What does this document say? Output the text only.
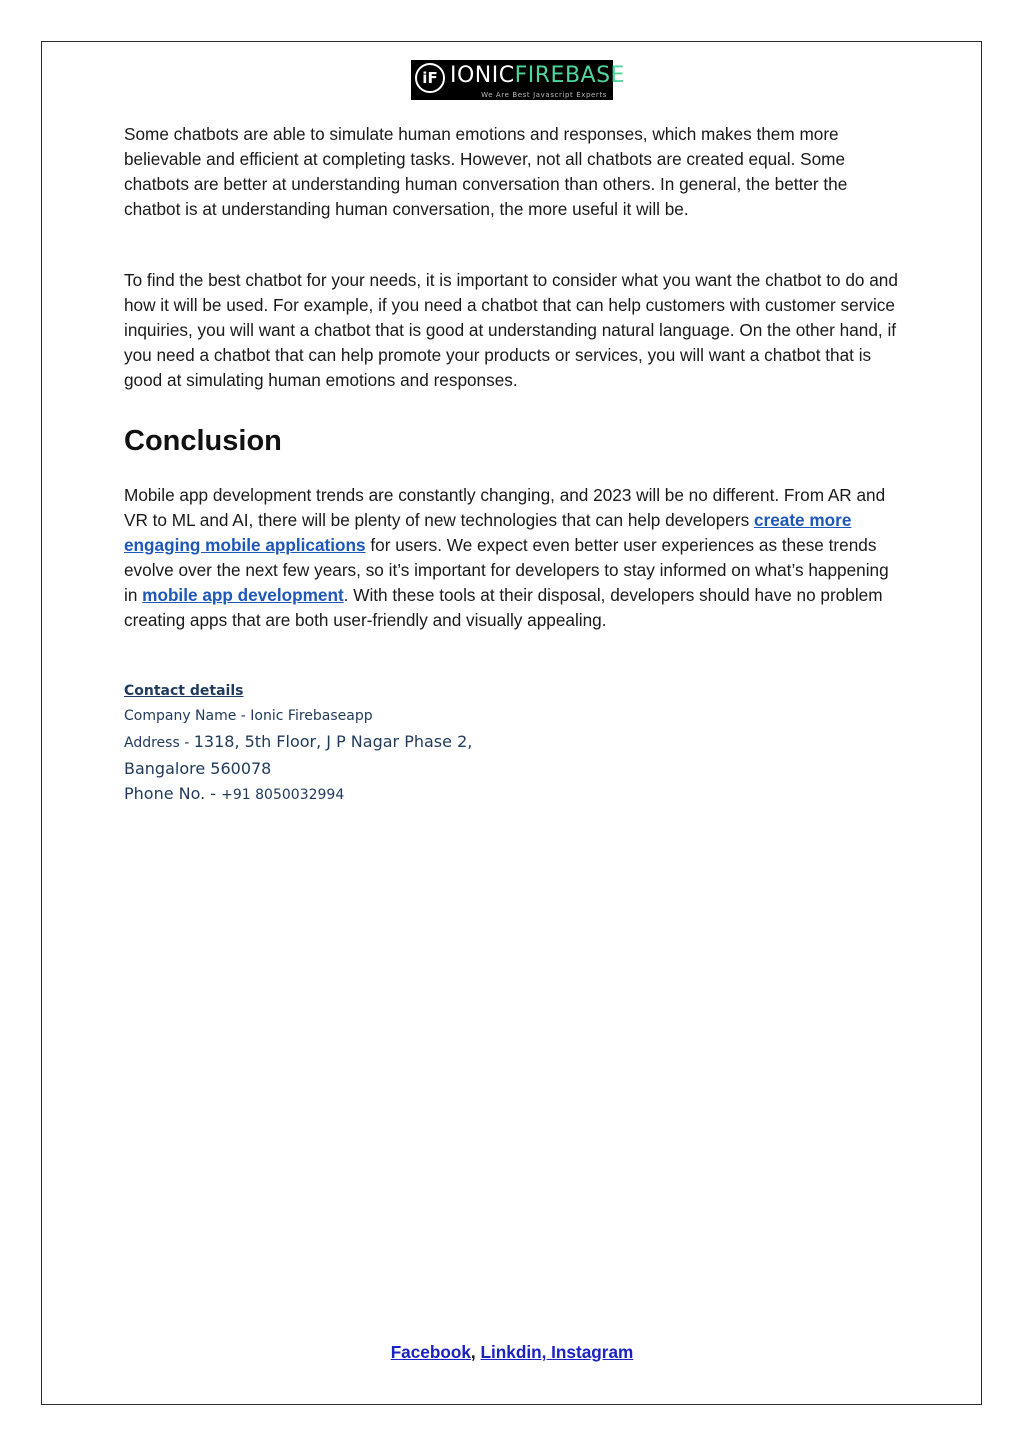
iF IONICFIREBASE
We Are Best Javascript Experts

Some chatbots are able to simulate human emotions and responses, which makes them more believable and efficient at completing tasks. However, not all chatbots are created equal. Some chatbots are better at understanding human conversation than others. In general, the better the chatbot is at understanding human conversation, the more useful it will be.

To find the best chatbot for your needs, it is important to consider what you want the chatbot to do and how it will be used. For example, if you need a chatbot that can help customers with customer service inquiries, you will want a chatbot that is good at understanding natural language. On the other hand, if you need a chatbot that can help promote your products or services, you will want a chatbot that is good at simulating human emotions and responses.

Conclusion

Mobile app development trends are constantly changing, and 2023 will be no different. From AR and VR to ML and AI, there will be plenty of new technologies that can help developers create more engaging mobile applications for users. We expect even better user experiences as these trends evolve over the next few years, so it’s important for developers to stay informed on what’s happening in mobile app development. With these tools at their disposal, developers should have no problem creating apps that are both user-friendly and visually appealing.

Contact details
Company Name - Ionic Firebaseapp
Address - 1318, 5th Floor, J P Nagar Phase 2,
Bangalore 560078
Phone No. - +91 8050032994
Facebook, Linkdin, Instagram
